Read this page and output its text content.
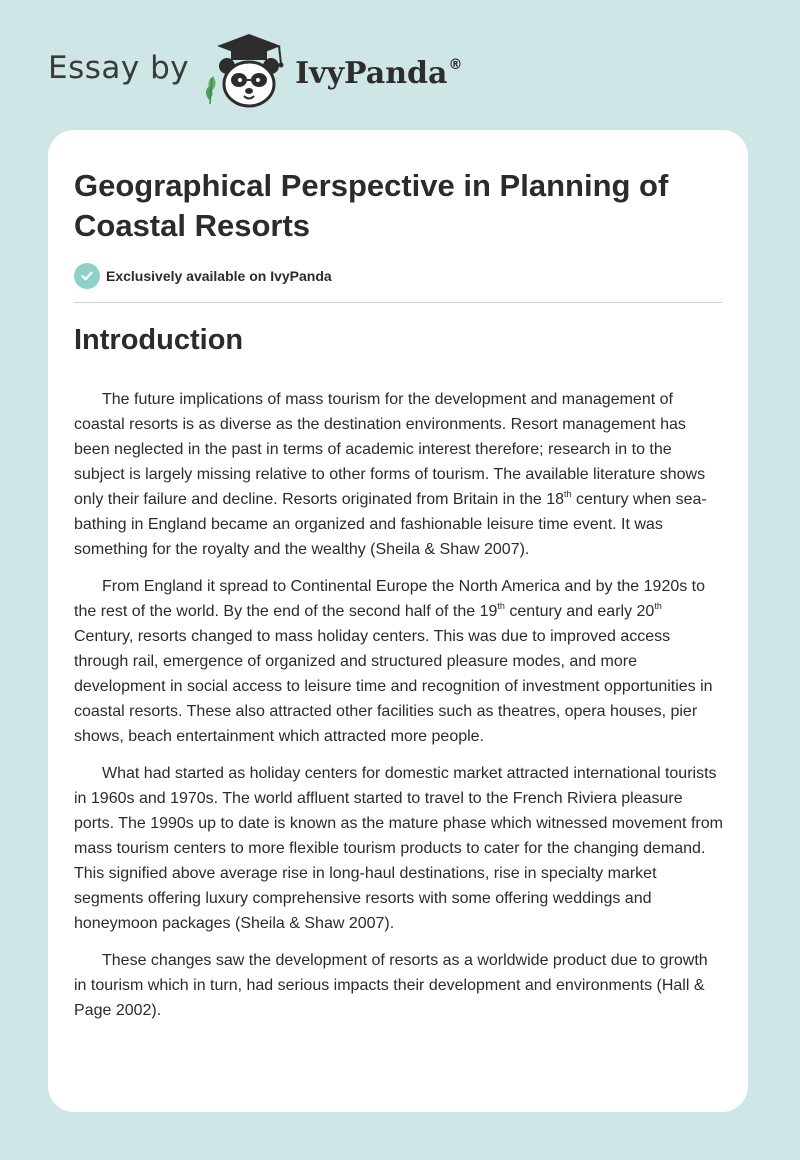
Essay by	IvyPanda®
Geographical Perspective in Planning of Coastal Resorts
Exclusively available on IvyPanda
Introduction

The future implications of mass tourism for the development and management of coastal resorts is as diverse as the destination environments. Resort management has been neglected in the past in terms of academic interest therefore; research in to the subject is largely missing relative to other forms of tourism. The available literature shows only their failure and decline. Resorts originated from Britain in the 18th century when sea-bathing in England became an organized and fashionable leisure time event. It was something for the royalty and the wealthy (Sheila & Shaw 2007).

From England it spread to Continental Europe the North America and by the 1920s to the rest of the world. By the end of the second half of the 19th century and early 20th Century, resorts changed to mass holiday centers. This was due to improved access through rail, emergence of organized and structured pleasure modes, and more development in social access to leisure time and recognition of investment opportunities in coastal resorts. These also attracted other facilities such as theatres, opera houses, pier shows, beach entertainment which attracted more people.

What had started as holiday centers for domestic market attracted international tourists in 1960s and 1970s. The world affluent started to travel to the French Riviera pleasure ports. The 1990s up to date is known as the mature phase which witnessed movement from mass tourism centers to more flexible tourism products to cater for the changing demand. This signified above average rise in long-haul destinations, rise in specialty market segments offering luxury comprehensive resorts with some offering weddings and honeymoon packages (Sheila & Shaw 2007).

These changes saw the development of resorts as a worldwide product due to growth in tourism which in turn, had serious impacts their development and environments (Hall & Page 2002).
